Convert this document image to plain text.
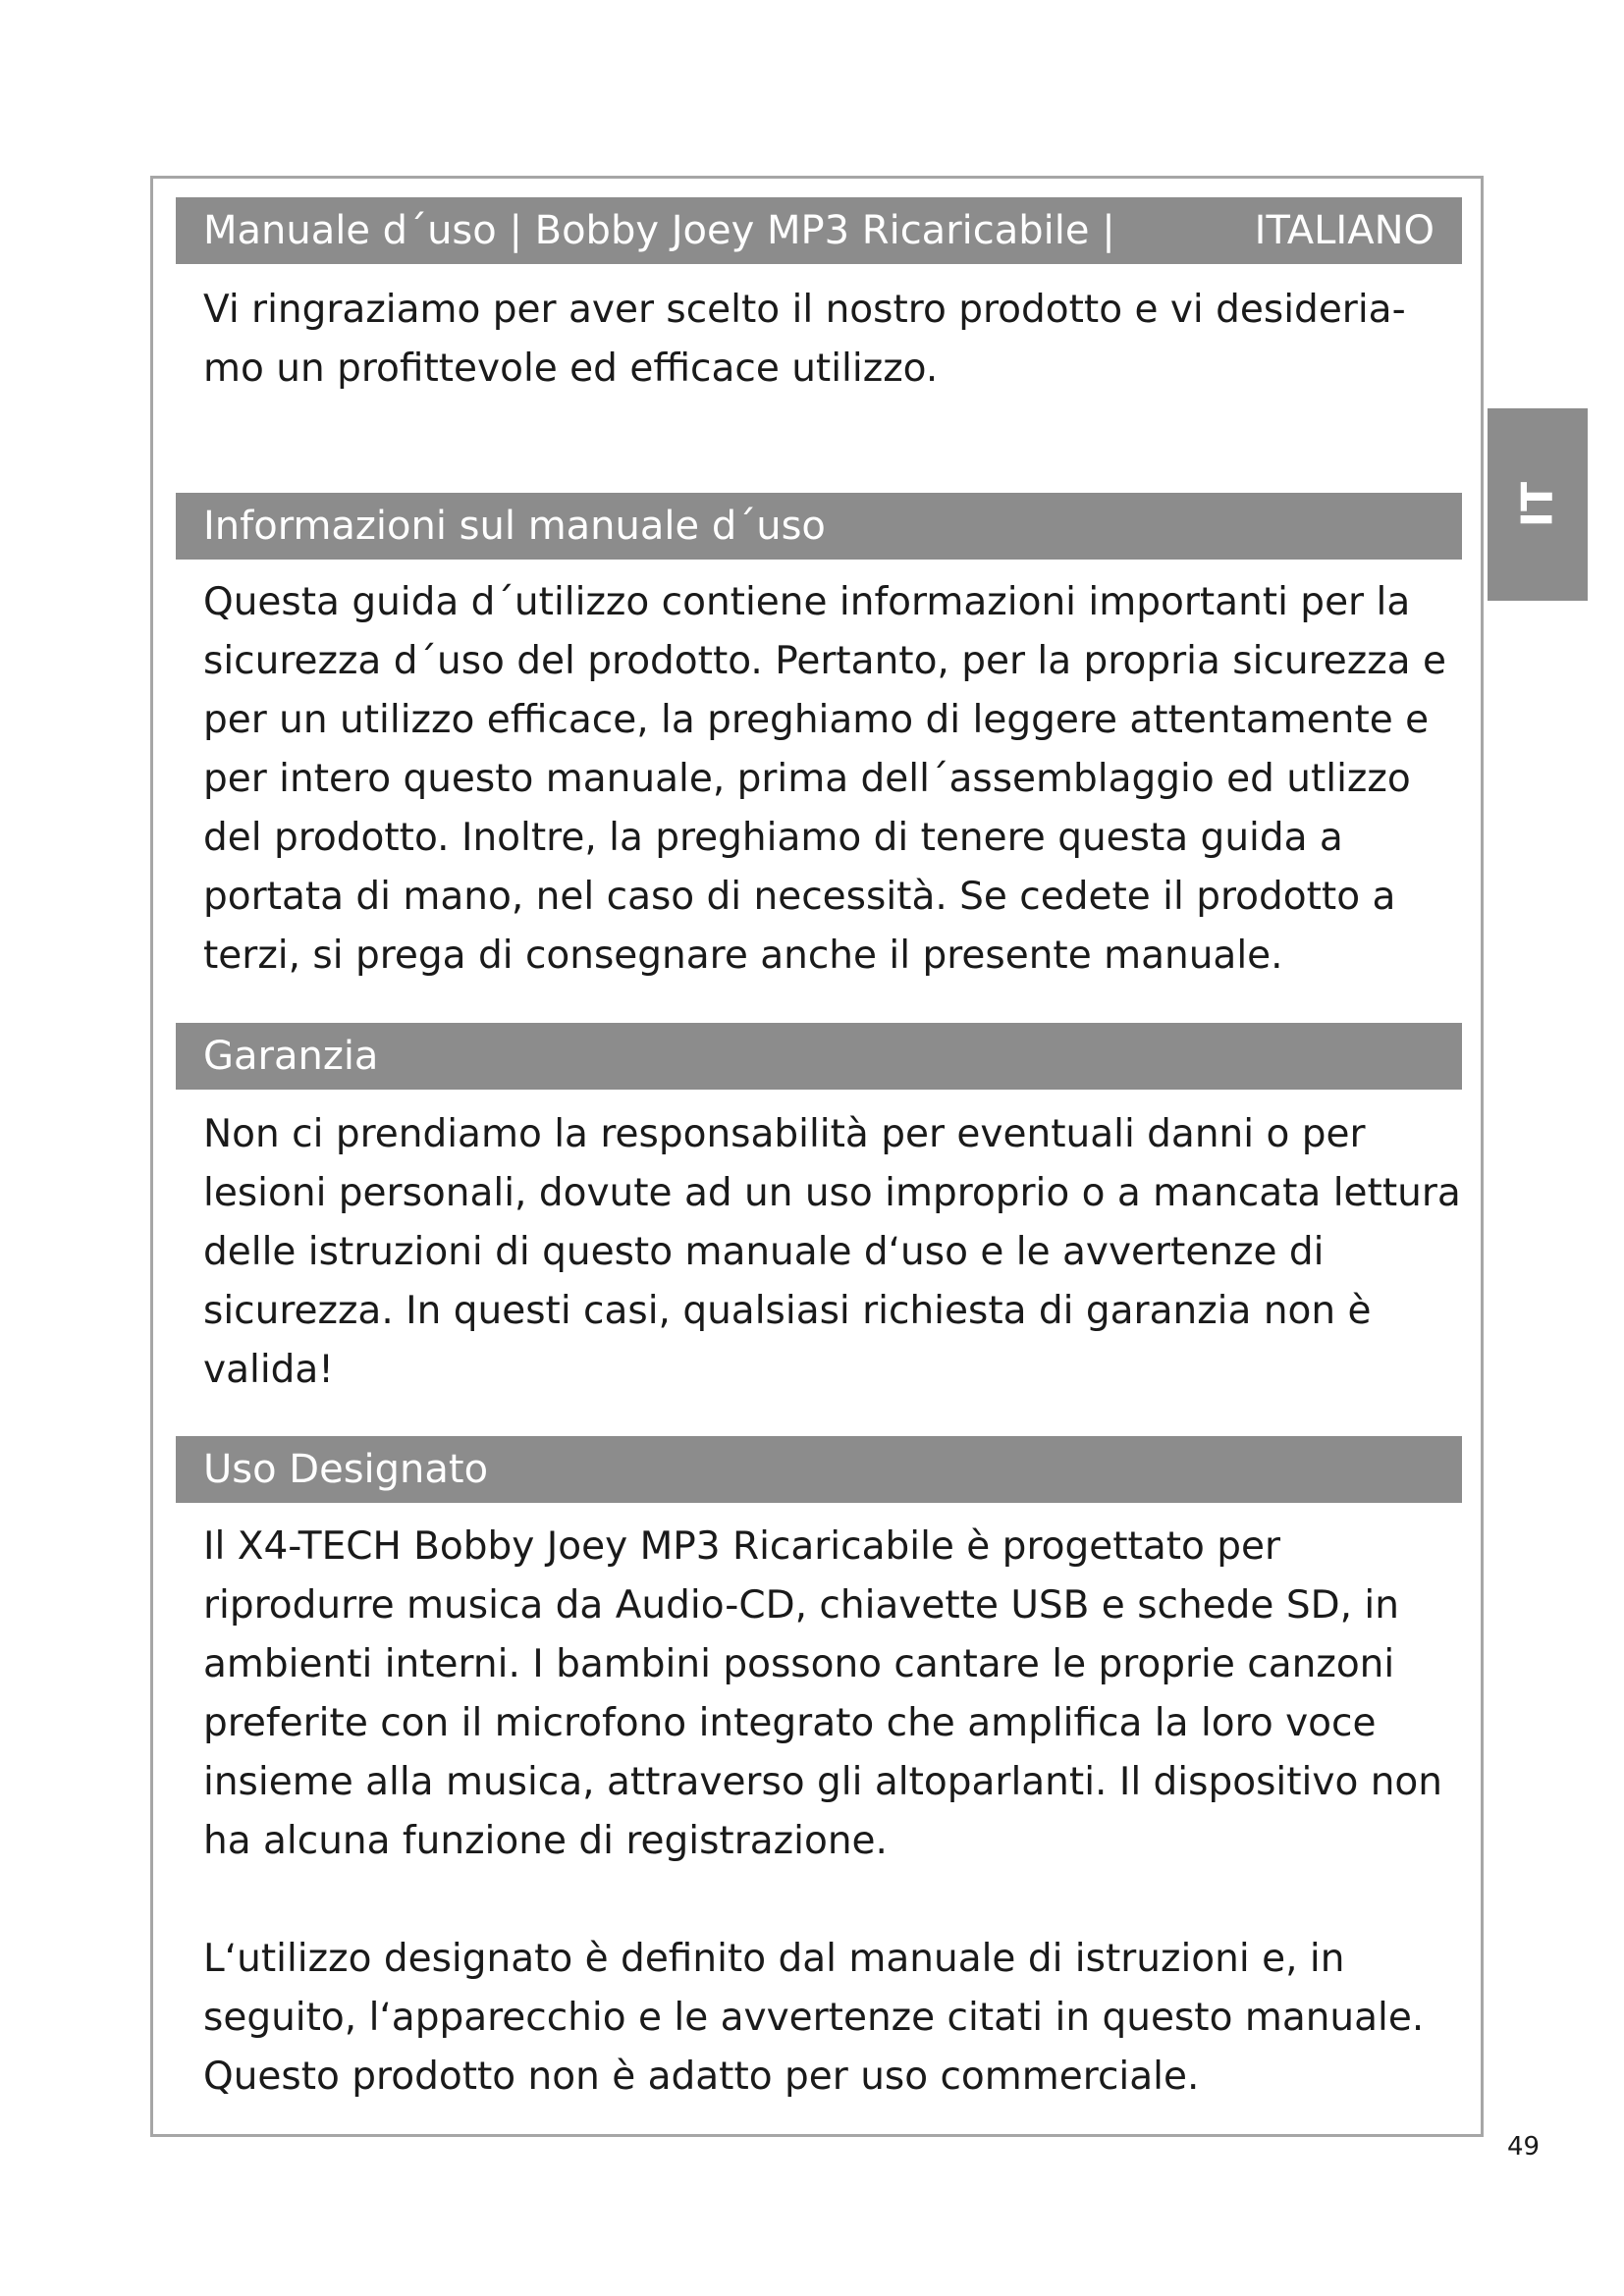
Manuale d´uso | Bobby Joey MP3 Ricaricabile |	ITALIANO

Vi ringraziamo per aver scelto il nostro prodotto e vi desideria- mo un profittevole ed efficace utilizzo.

Informazioni sul manuale d´uso

Questa guida d´utilizzo contiene informazioni importanti per la sicurezza d´uso del prodotto. Pertanto, per la propria sicurezza e per un utilizzo efficace, la preghiamo di leggere attentamente e per intero questo manuale, prima dell´assemblaggio ed utlizzo del prodotto. Inoltre, la preghiamo di tenere questa guida a portata di mano, nel caso di necessità. Se cedete il prodotto a terzi, si prega di consegnare anche il presente manuale.

Garanzia

Non ci prendiamo la responsabilità per eventuali danni o per lesioni personali, dovute ad un uso improprio o a mancata lettura delle istruzioni di questo manuale d‘uso e le avvertenze di sicurezza. In questi casi, qualsiasi richiesta di garanzia non è valida!

Uso Designato

Il X4-TECH Bobby Joey MP3 Ricaricabile è progettato per riprodurre musica da Audio-CD, chiavette USB e schede SD, in ambienti interni. I bambini possono cantare le proprie canzoni preferite con il microfono integrato che amplifica la loro voce insieme alla musica, attraverso gli altoparlanti. Il dispositivo non ha alcuna funzione di registrazione.

L‘utilizzo designato è definito dal manuale di istruzioni e, in seguito, l‘apparecchio e le avvertenze citati in questo manuale. Questo prodotto non è adatto per uso commerciale.

IT
49
